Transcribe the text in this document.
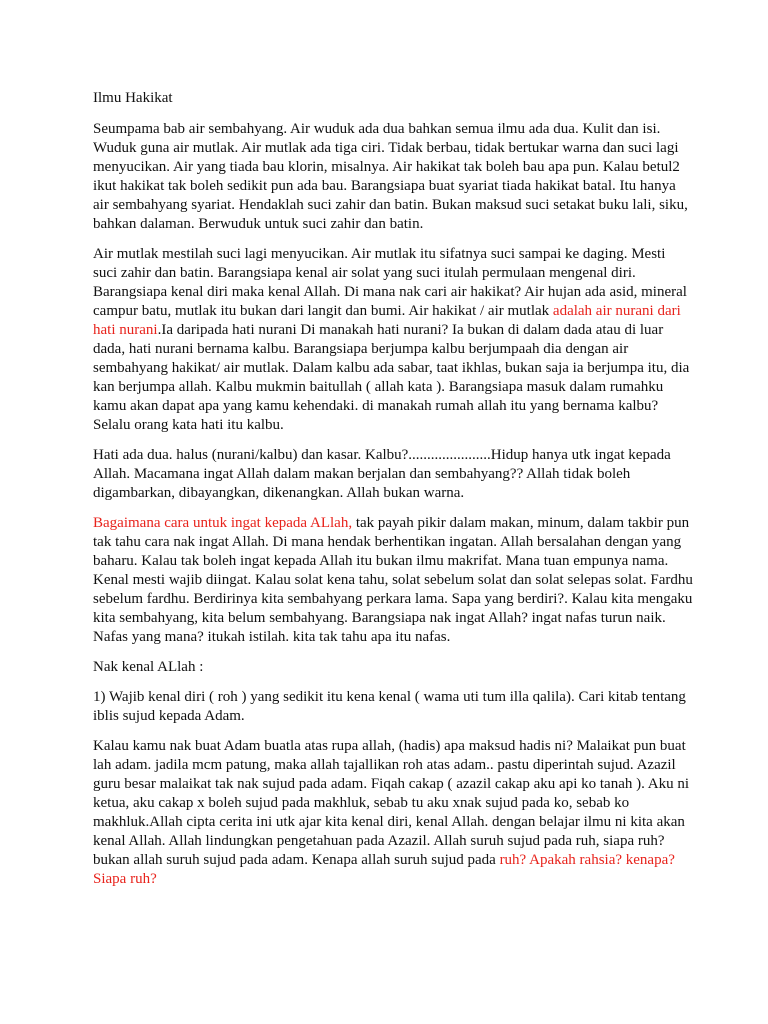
Ilmu Hakikat

Seumpama bab air sembahyang. Air wuduk ada dua bahkan semua ilmu ada dua. Kulit dan isi. Wuduk guna air mutlak. Air mutlak ada tiga ciri. Tidak berbau, tidak bertukar warna dan suci lagi menyucikan. Air yang tiada bau klorin, misalnya. Air hakikat tak boleh bau apa pun. Kalau betul2 ikut hakikat tak boleh sedikit pun ada bau. Barangsiapa buat syariat tiada hakikat batal. Itu hanya air sembahyang syariat. Hendaklah suci zahir dan batin. Bukan maksud suci setakat buku lali, siku, bahkan dalaman. Berwuduk untuk suci zahir dan batin.

Air mutlak mestilah suci lagi menyucikan. Air mutlak itu sifatnya suci sampai ke daging. Mesti suci zahir dan batin. Barangsiapa kenal air solat yang suci itulah permulaan mengenal diri. Barangsiapa kenal diri maka kenal Allah. Di mana nak cari air hakikat? Air hujan ada asid, mineral campur batu, mutlak itu bukan dari langit dan bumi. Air hakikat / air mutlak adalah air nurani dari hati nurani.Ia daripada hati nurani Di manakah hati nurani? Ia bukan di dalam dada atau di luar dada, hati nurani bernama kalbu. Barangsiapa berjumpa kalbu berjumpaah dia dengan air sembahyang hakikat/ air mutlak. Dalam kalbu ada sabar, taat ikhlas, bukan saja ia berjumpa itu, dia kan berjumpa allah. Kalbu mukmin baitullah ( allah kata ). Barangsiapa masuk dalam rumahku kamu akan dapat apa yang kamu kehendaki. di manakah rumah allah itu yang bernama kalbu? Selalu orang kata hati itu kalbu.

Hati ada dua. halus (nurani/kalbu) dan kasar. Kalbu?......................Hidup hanya utk ingat kepada Allah. Macamana ingat Allah dalam makan berjalan dan sembahyang?? Allah tidak boleh digambarkan, dibayangkan, dikenangkan. Allah bukan warna.

Bagaimana cara untuk ingat kepada ALlah, tak payah pikir dalam makan, minum, dalam takbir pun tak tahu cara nak ingat Allah. Di mana hendak berhentikan ingatan. Allah bersalahan dengan yang baharu. Kalau tak boleh ingat kepada Allah itu bukan ilmu makrifat. Mana tuan empunya nama. Kenal mesti wajib diingat. Kalau solat kena tahu, solat sebelum solat dan solat selepas solat. Fardhu sebelum fardhu. Berdirinya kita sembahyang perkara lama. Sapa yang berdiri?. Kalau kita mengaku kita sembahyang, kita belum sembahyang. Barangsiapa nak ingat Allah? ingat nafas turun naik. Nafas yang mana? itukah istilah. kita tak tahu apa itu nafas.

Nak kenal ALlah :

1) Wajib kenal diri ( roh ) yang sedikit itu kena kenal ( wama uti tum illa qalila). Cari kitab tentang iblis sujud kepada Adam.

Kalau kamu nak buat Adam buatla atas rupa allah, (hadis) apa maksud hadis ni? Malaikat pun buat lah adam. jadila mcm patung, maka allah tajallikan roh atas adam.. pastu diperintah sujud. Azazil guru besar malaikat tak nak sujud pada adam. Fiqah cakap ( azazil cakap aku api ko tanah ). Aku ni ketua, aku cakap x boleh sujud pada makhluk, sebab tu aku xnak sujud pada ko, sebab ko makhluk.Allah cipta cerita ini utk ajar kita kenal diri, kenal Allah. dengan belajar ilmu ni kita akan kenal Allah. Allah lindungkan pengetahuan pada Azazil. Allah suruh sujud pada ruh, siapa ruh? bukan allah suruh sujud pada adam. Kenapa allah suruh sujud pada ruh? Apakah rahsia? kenapa? Siapa ruh?
